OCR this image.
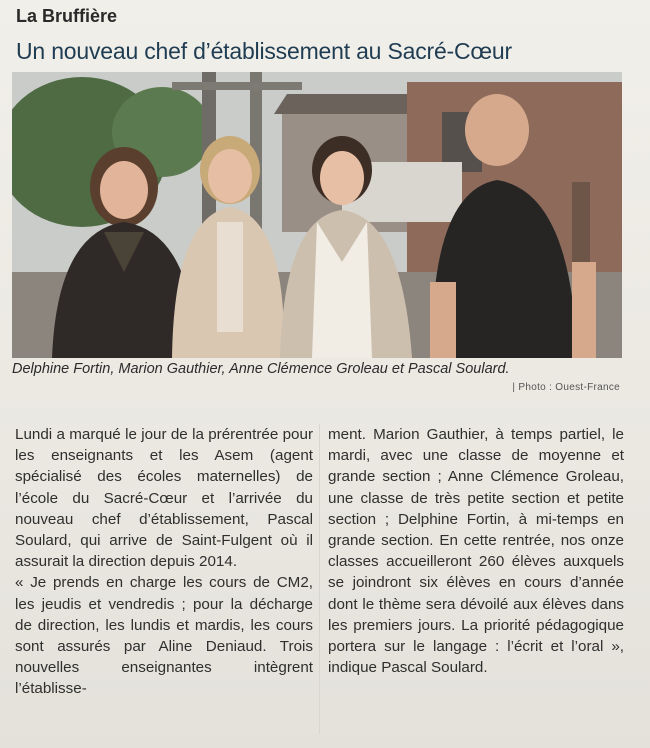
La Bruffière
Un nouveau chef d’établissement au Sacré-Cœur
Delphine Fortin, Marion Gauthier, Anne Clémence Groleau et Pascal Soulard.
| Photo : Ouest-France

Lundi a marqué le jour de la prérentrée pour les enseignants et les Asem (agent spécialisé des écoles maternelles) de l’école du Sacré-Cœur et l’arrivée du nouveau chef d’établissement, Pascal Soulard, qui arrive de Saint-Fulgent où il assurait la direction depuis 2014.

« Je prends en charge les cours de CM2, les jeudis et vendredis ; pour la décharge de direction, les lundis et mardis, les cours sont assurés par Aline Deniaud. Trois nouvelles enseignantes intègrent l’établisse-

ment. Marion Gauthier, à temps partiel, le mardi, avec une classe de moyenne et grande section ; Anne Clémence Groleau, une classe de très petite section et petite section ; Delphine Fortin, à mi-temps en grande section. En cette rentrée, nos onze classes accueilleront 260 élèves auxquels se joindront six élèves en cours d’année dont le thème sera dévoilé aux élèves dans les premiers jours. La priorité pédagogique portera sur le langage : l’écrit et l’oral », indique Pascal Soulard.
